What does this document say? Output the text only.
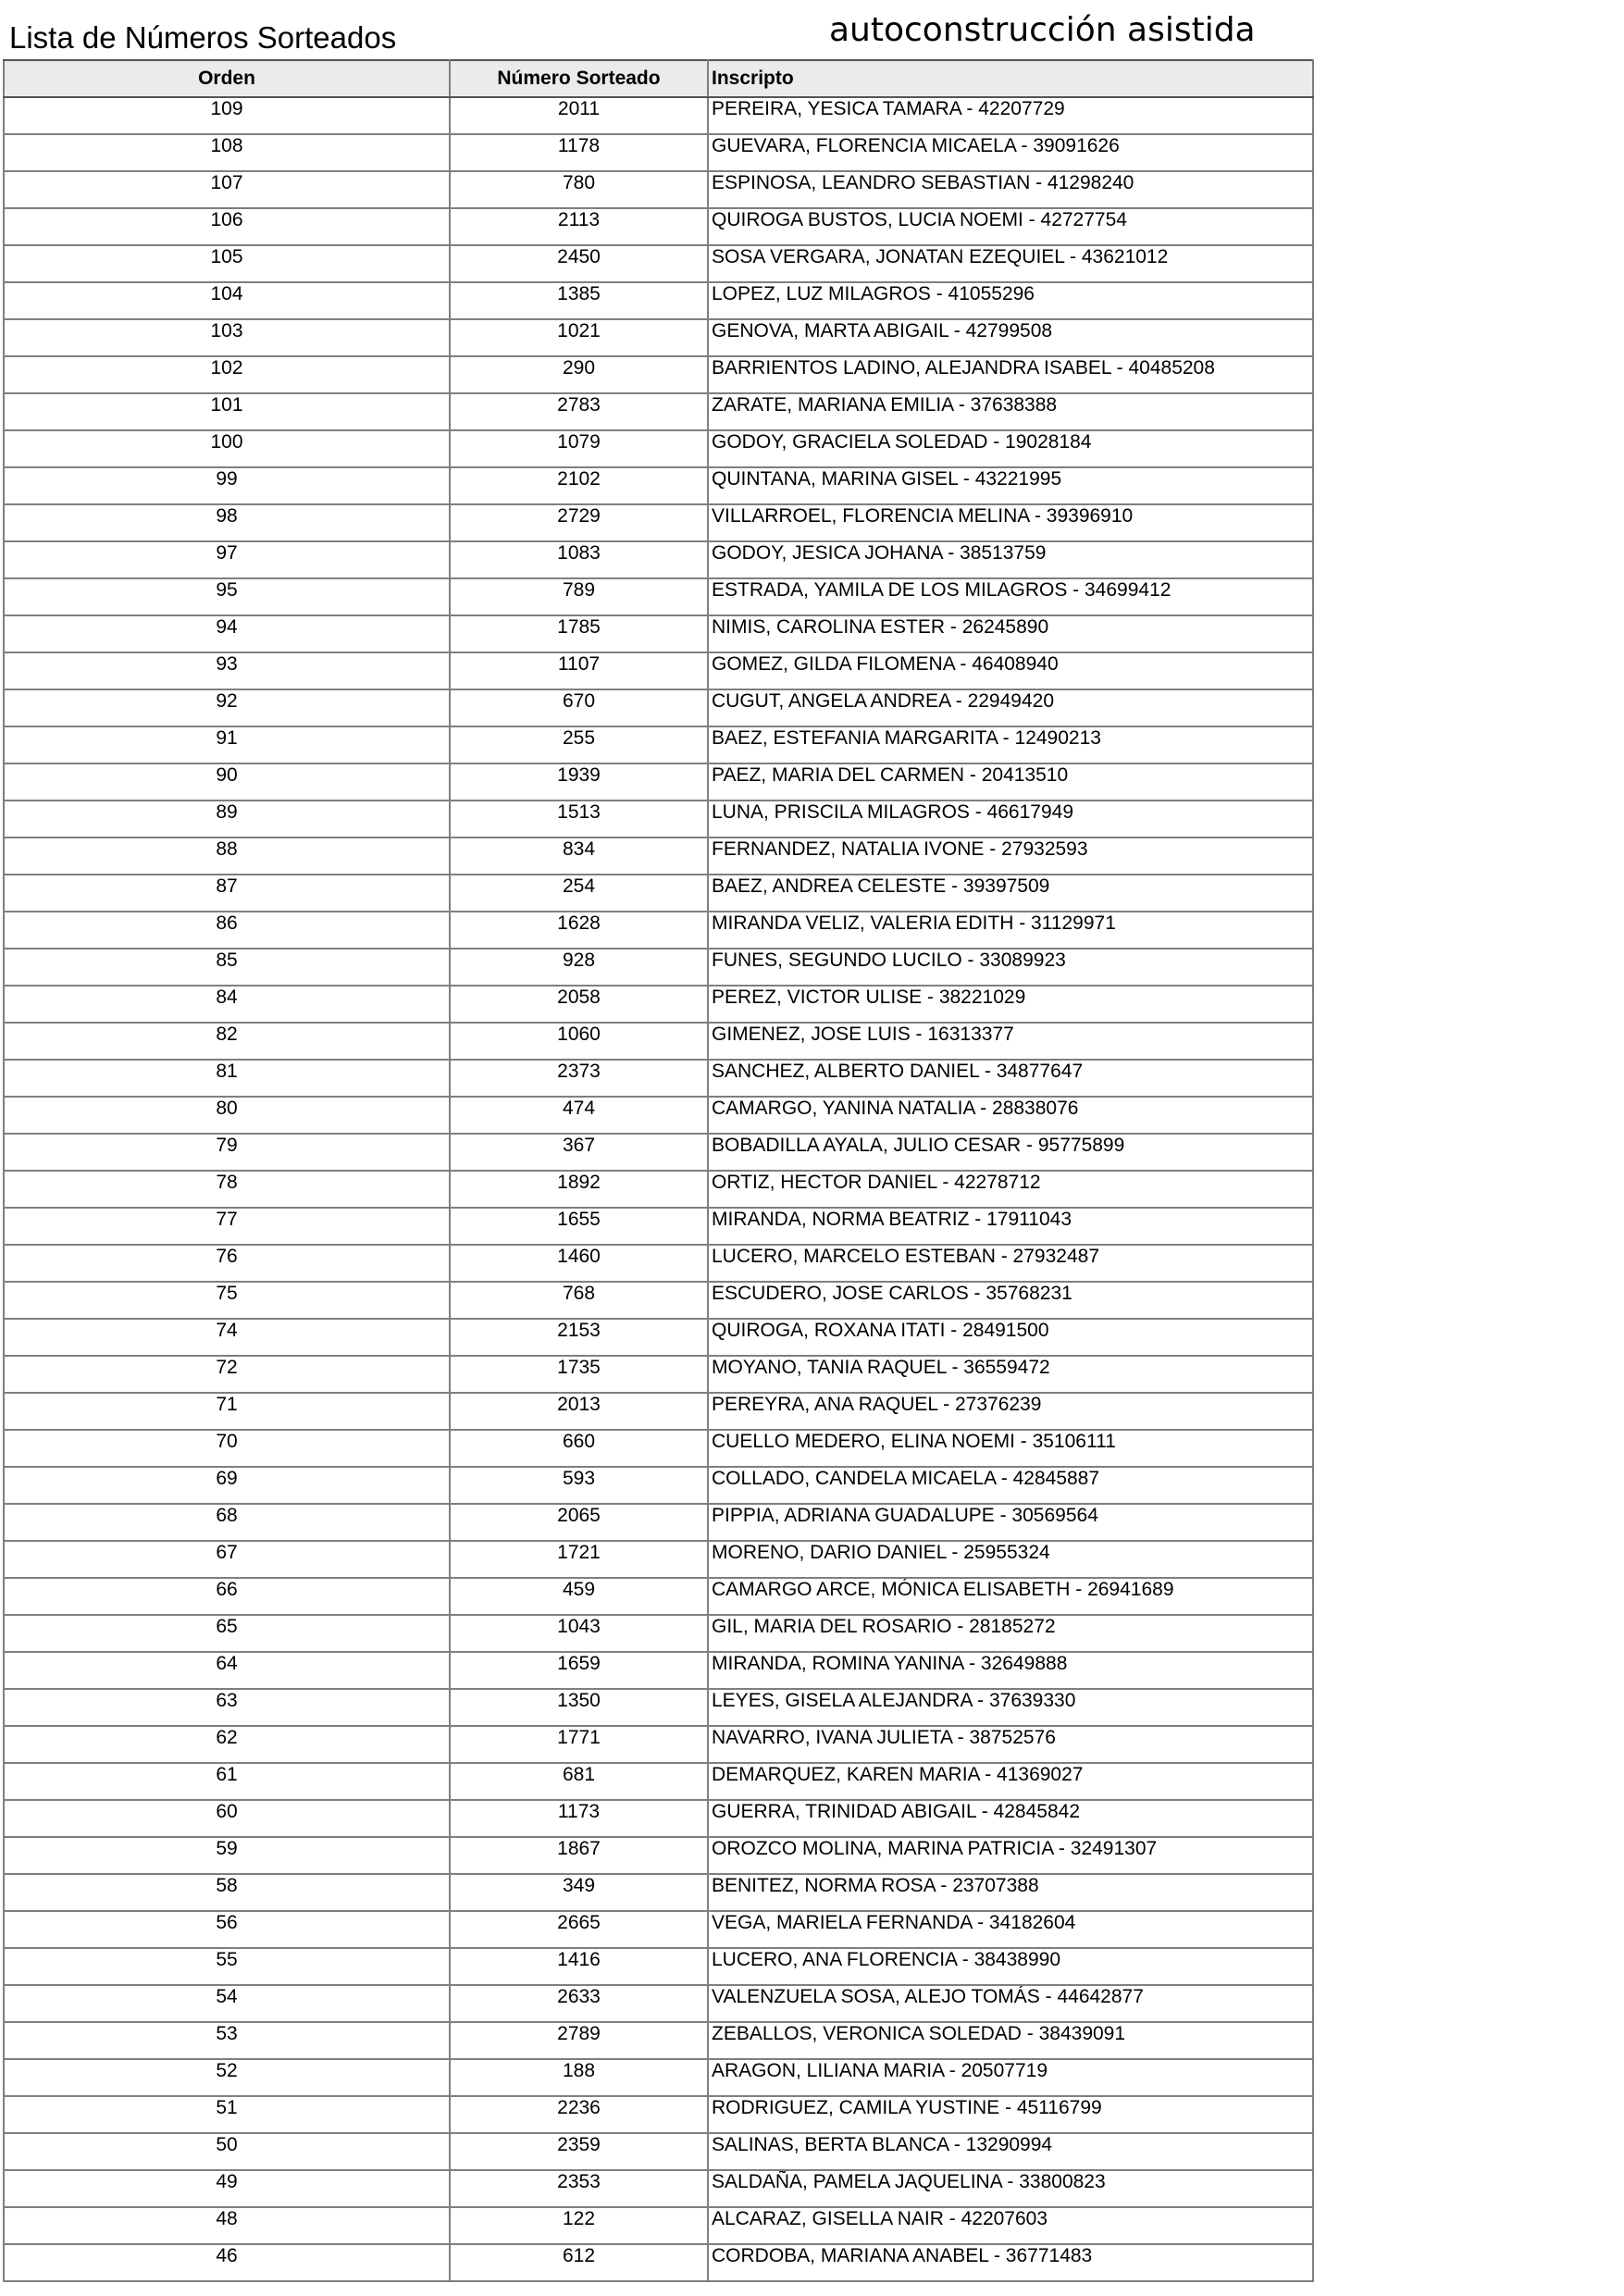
Lista de Números Sorteados	autoconstrucción asistida
Orden	Número Sorteado	Inscripto
109	2011	PEREIRA, YESICA TAMARA - 42207729
108	1178	GUEVARA, FLORENCIA MICAELA - 39091626
107	780	ESPINOSA, LEANDRO SEBASTIAN - 41298240
106	2113	QUIROGA BUSTOS, LUCIA NOEMI - 42727754
105	2450	SOSA VERGARA, JONATAN EZEQUIEL - 43621012
104	1385	LOPEZ, LUZ MILAGROS - 41055296
103	1021	GENOVA, MARTA ABIGAIL - 42799508
102	290	BARRIENTOS LADINO, ALEJANDRA ISABEL - 40485208
101	2783	ZARATE, MARIANA EMILIA - 37638388
100	1079	GODOY, GRACIELA SOLEDAD - 19028184
99	2102	QUINTANA, MARINA GISEL - 43221995
98	2729	VILLARROEL, FLORENCIA MELINA - 39396910
97	1083	GODOY, JESICA JOHANA - 38513759
95	789	ESTRADA, YAMILA DE LOS MILAGROS - 34699412
94	1785	NIMIS, CAROLINA ESTER - 26245890
93	1107	GOMEZ, GILDA FILOMENA - 46408940
92	670	CUGUT, ANGELA ANDREA - 22949420
91	255	BAEZ, ESTEFANIA MARGARITA - 12490213
90	1939	PAEZ, MARIA DEL CARMEN - 20413510
89	1513	LUNA, PRISCILA MILAGROS - 46617949
88	834	FERNANDEZ, NATALIA IVONE - 27932593
87	254	BAEZ, ANDREA CELESTE - 39397509
86	1628	MIRANDA VELIZ, VALERIA EDITH - 31129971
85	928	FUNES, SEGUNDO LUCILO - 33089923
84	2058	PEREZ, VICTOR ULISE - 38221029
82	1060	GIMENEZ, JOSE LUIS - 16313377
81	2373	SANCHEZ, ALBERTO DANIEL - 34877647
80	474	CAMARGO, YANINA NATALIA - 28838076
79	367	BOBADILLA AYALA, JULIO CESAR - 95775899
78	1892	ORTIZ, HECTOR DANIEL - 42278712
77	1655	MIRANDA, NORMA BEATRIZ - 17911043
76	1460	LUCERO, MARCELO ESTEBAN - 27932487
75	768	ESCUDERO, JOSE CARLOS - 35768231
74	2153	QUIROGA, ROXANA ITATI - 28491500
72	1735	MOYANO, TANIA RAQUEL - 36559472
71	2013	PEREYRA, ANA RAQUEL - 27376239
70	660	CUELLO MEDERO, ELINA NOEMI - 35106111
69	593	COLLADO, CANDELA MICAELA - 42845887
68	2065	PIPPIA, ADRIANA GUADALUPE - 30569564
67	1721	MORENO, DARIO DANIEL - 25955324
66	459	CAMARGO ARCE, MÓNICA ELISABETH - 26941689
65	1043	GIL, MARIA DEL ROSARIO - 28185272
64	1659	MIRANDA, ROMINA YANINA - 32649888
63	1350	LEYES, GISELA ALEJANDRA - 37639330
62	1771	NAVARRO, IVANA JULIETA - 38752576
61	681	DEMARQUEZ, KAREN MARIA - 41369027
60	1173	GUERRA, TRINIDAD ABIGAIL - 42845842
59	1867	OROZCO MOLINA, MARINA PATRICIA - 32491307
58	349	BENITEZ, NORMA ROSA - 23707388
56	2665	VEGA, MARIELA FERNANDA - 34182604
55	1416	LUCERO, ANA FLORENCIA - 38438990
54	2633	VALENZUELA SOSA, ALEJO TOMÁS - 44642877
53	2789	ZEBALLOS, VERONICA SOLEDAD - 38439091
52	188	ARAGON, LILIANA MARIA - 20507719
51	2236	RODRIGUEZ, CAMILA YUSTINE - 45116799
50	2359	SALINAS, BERTA BLANCA - 13290994
49	2353	SALDAÑA, PAMELA JAQUELINA - 33800823
48	122	ALCARAZ, GISELLA NAIR - 42207603
46	612	CORDOBA, MARIANA ANABEL - 36771483
